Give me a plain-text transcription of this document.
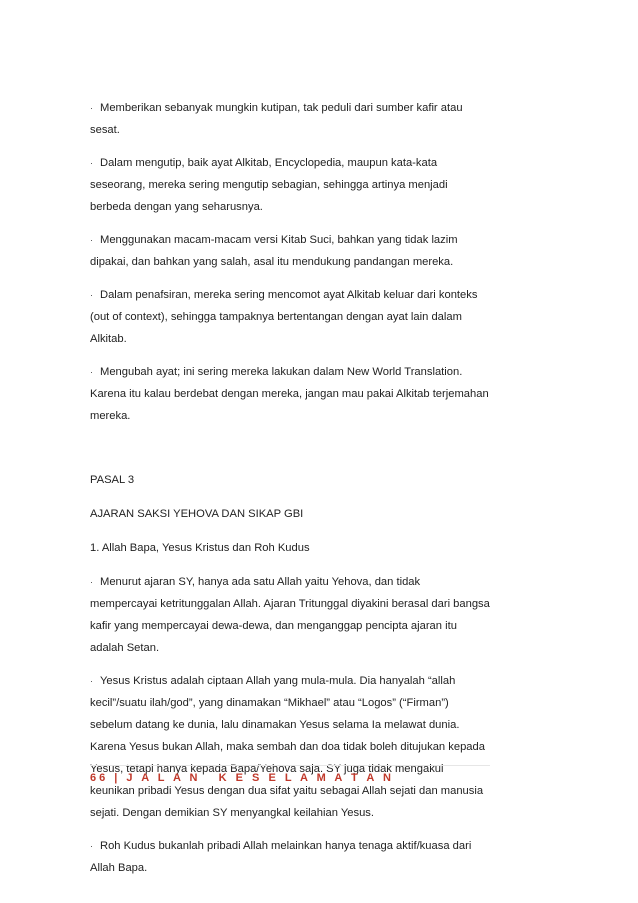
· Memberikan sebanyak mungkin kutipan, tak peduli dari sumber kafir atau sesat.

· Dalam mengutip, baik ayat Alkitab, Encyclopedia, maupun kata-kata seseorang, mereka sering mengutip sebagian, sehingga artinya menjadi berbeda dengan yang seharusnya.

· Menggunakan macam-macam versi Kitab Suci, bahkan yang tidak lazim dipakai, dan bahkan yang salah, asal itu mendukung pandangan mereka.

· Dalam penafsiran, mereka sering mencomot ayat Alkitab keluar dari konteks (out of context), sehingga tampaknya bertentangan dengan ayat lain dalam Alkitab.

· Mengubah ayat; ini sering mereka lakukan dalam New World Translation. Karena itu kalau berdebat dengan mereka, jangan mau pakai Alkitab terjemahan mereka.

PASAL 3

AJARAN SAKSI YEHOVA DAN SIKAP GBI

1. Allah Bapa, Yesus Kristus dan Roh Kudus

· Menurut ajaran SY, hanya ada satu Allah yaitu Yehova, dan tidak mempercayai ketritunggalan Allah. Ajaran Tritunggal diyakini berasal dari bangsa kafir yang mempercayai dewa-dewa, dan menganggap pencipta ajaran itu adalah Setan.

· Yesus Kristus adalah ciptaan Allah yang mula-mula. Dia hanyalah “allah kecil”/suatu ilah/god”, yang dinamakan “Mikhael” atau “Logos” (“Firman”) sebelum datang ke dunia, lalu dinamakan Yesus selama Ia melawat dunia. Karena Yesus bukan Allah, maka sembah dan doa tidak boleh ditujukan kepada Yesus, tetapi hanya kepada Bapa/Yehova saja. SY juga tidak mengakui keunikan pribadi Yesus dengan dua sifat yaitu sebagai Allah sejati dan manusia sejati. Dengan demikian SY menyangkal keilahian Yesus.

· Roh Kudus bukanlah pribadi Allah melainkan hanya tenaga aktif/kuasa dari Allah Bapa.

66 | J A L A N   K E S E L A M A T A N
